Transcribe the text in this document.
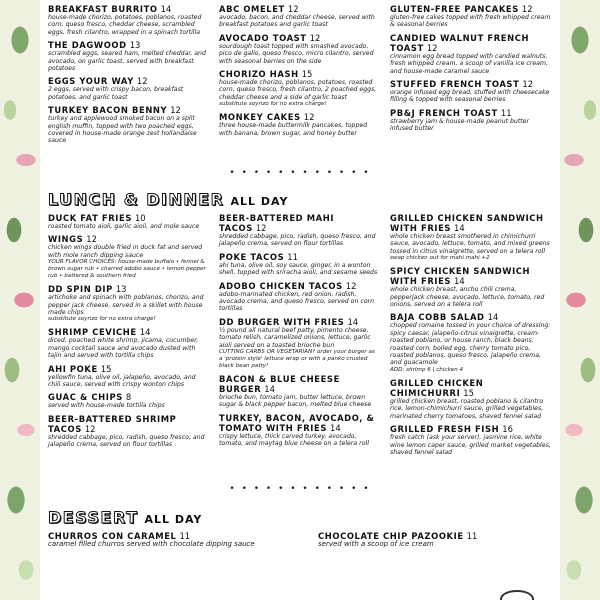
BREAKFAST BURRITO 14
house-made chorizo, potatoes, poblanos, roasted corn, queso fresco, cheddar cheese, scrambled eggs, fresh cilantro, wrapped in a spinach tortilla
THE DAGWOOD 13
scrambled eggs, seared ham, melted cheddar, and avocado, on garlic toast, served with breakfast potatoes
EGGS YOUR WAY 12
2 eggs, served with crispy bacon, breakfast potatoes, and garlic toast
TURKEY BACON BENNY 12
turkey and applewood smoked bacon on a split english muffin, topped with two poached eggs, covered in house-made orange zest hollandaise sauce
ABC OMELET 12
avocado, bacon, and cheddar cheese, served with breakfast potatoes and garlic toast
AVOCADO TOAST 12
sourdough toast topped with smashed avocado, pico de gallo, queso fresco, micro cilantro, served with seasonal berries on the side
CHORIZO HASH 15
house-made chorizo, poblanos, potatoes, roasted corn, queso fresco, fresh cilantro, 2 poached eggs, cheddar cheese and a side of garlic toast
substitute soyrizo for no extra charge!
MONKEY CAKES 12
three house-made buttermilk pancakes, topped with banana, brown sugar, and honey butter
GLUTEN-FREE PANCAKES 12
gluten-free cakes topped with fresh whipped cream & seasonal berries
CANDIED WALNUT FRENCH TOAST 12
cinnamon egg bread topped with candied walnuts, fresh whipped cream, a scoop of vanilla ice cream, and house-made caramel sauce
STUFFED FRENCH TOAST 12
orange infused egg bread, stuffed with cheesecake filling & topped with seasonal berries
PB&J FRENCH TOAST 11
strawberry jam & house-made peanut butter infused butter
• • • • • • • • • • • •
LUNCH & DINNER ALL DAY
DUCK FAT FRIES 10
roasted tomato aioli, garlic aioli, and mole sauce
WINGS 12
chicken wings double fried in duck fat and served with mole ranch dipping sauce
YOUR FLAVOR CHOICES: house-made buffalo • fennel & brown sugar rub • charred adobo sauce • lemon pepper rub • battered & southern fried
DD SPIN DIP 13
artichoke and spinach with poblanos, chorizo, and pepper jack cheese, served in a skillet with house made chips
substitute soyrizo for no extra charge!
SHRIMP CEVICHE 14
diced, poached white shrimp, jicama, cucumber, mango cocktail sauce and avocado dusted with tajin and served with tortilla chips
AHI POKE 15
yellowfin tuna, olive oil, jalapeño, avocado, and chili sauce, served with crispy wonton chips
GUAC & CHIPS 8
served with house-made tortilla chips
BEER-BATTERED SHRIMP TACOS 12
shredded cabbage, pico, radish, queso fresco, and jalapeño crema, served on flour tortillas
BEER-BATTERED MAHI TACOS 12
shredded cabbage, pico, radish, queso fresco, and jalapeño crema, served on flour tortillas
POKE TACOS 11
ahi tuna, olive oil, soy sauce, ginger, in a wonton shell, topped with sriracha aioli, and sesame seeds
ADOBO CHICKEN TACOS 12
adobo-marinated chicken, red onion, radish, avocado crema, and queso fresco, served on corn tortillas
DD BURGER WITH FRIES 14
½ pound all natural beef patty, pimento cheese, tomato relish, caramelized onions, lettuce, garlic aioli served on a toasted brioche bun
CUTTING CARBS OR VEGETARIAN? order your burger as a 'protein style' lettuce wrap or with a panko crusted black bean patty!
BACON & BLUE CHEESE BURGER 14
brioche bun, tomato jam, butter lettuce, brown sugar & black pepper bacon, melted blue cheese
TURKEY, BACON, AVOCADO, & TOMATO WITH FRIES 14
crispy lettuce, thick carved turkey, avocado, tomato, and maytag blue cheese on a telera roll
GRILLED CHICKEN SANDWICH WITH FRIES 14
whole chicken breast smothered in chimichurri sauce, avocado, lettuce, tomato, and mixed greens tossed in citrus vinaigrette, served on a telera roll
swap chicken out for mahi mahi +2
SPICY CHICKEN SANDWICH WITH FRIES 14
whole chicken breast, ancho chili crema, pepperjack cheese, avocado, lettuce, tomato, red onions, served on a telera roll
BAJA COBB SALAD 14
chopped romaine tossed in your choice of dressing: spicy caesar, jalapeño-citrus vinaigrette, cream-roasted poblano, or house ranch, black beans, roasted corn, boiled egg, cherry tomato pico, roasted poblanos, queso fresco, jalapeño crema, and guacamole
ADD: shrimp 6 | chicken 4
GRILLED CHICKEN CHIMICHURRI 15
grilled chicken breast, roasted poblano & cilantro rice, lemon-chimichurri sauce, grilled vegetables, marinated cherry tomatoes, shaved fennel salad
GRILLED FRESH FISH 16
fresh catch (ask your server), jasmine rice, white wine lemon caper sauce, grilled market vegetables, shaved fennel salad
• • • • • • • • • • • •
DESSERT ALL DAY
CHURROS CON CARAMEL 11
caramel filled churros served with chocolate dipping sauce
CHOCOLATE CHIP PAZOOKIE 11
served with a scoop of ice cream
